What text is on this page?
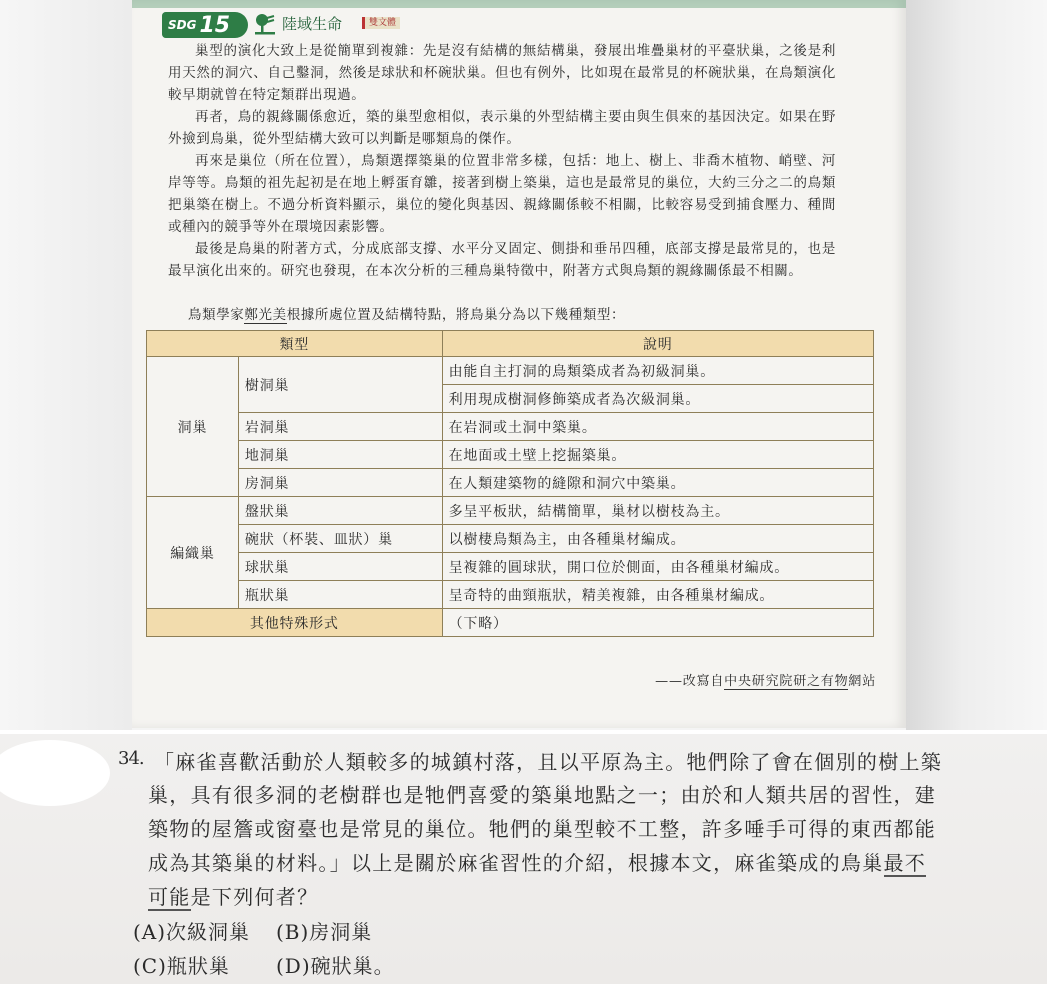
SDG 15	陸域生命	雙文體

巢型的演化大致上是從簡單到複雜：先是沒有結構的無結構巢，發展出堆疊巢材的平臺狀巢，之後是利用天然的洞穴、自己鑿洞，然後是球狀和杯碗狀巢。但也有例外，比如現在最常見的杯碗狀巢，在鳥類演化較早期就曾在特定類群出現過。

再者，鳥的親緣關係愈近，築的巢型愈相似，表示巢的外型結構主要由與生俱來的基因決定。如果在野外撿到鳥巢，從外型結構大致可以判斷是哪類鳥的傑作。

再來是巢位（所在位置），鳥類選擇築巢的位置非常多樣，包括：地上、樹上、非喬木植物、峭壁、河岸等等。鳥類的祖先起初是在地上孵蛋育雛，接著到樹上築巢，這也是最常見的巢位，大約三分之二的鳥類把巢築在樹上。不過分析資料顯示，巢位的變化與基因、親緣關係較不相關，比較容易受到捕食壓力、種間或種內的競爭等外在環境因素影響。

最後是鳥巢的附著方式，分成底部支撐、水平分叉固定、側掛和垂吊四種，底部支撐是最常見的，也是最早演化出來的。研究也發現，在本次分析的三種鳥巢特徵中，附著方式與鳥類的親緣關係最不相關。

鳥類學家鄭光美根據所處位置及結構特點，將鳥巢分為以下幾種類型：

類型		說明
洞巢	樹洞巢	由能自主打洞的鳥類築成者為初級洞巢。
		利用現成樹洞修飾築成者為次級洞巢。
	岩洞巢	在岩洞或土洞中築巢。
	地洞巢	在地面或土壁上挖掘築巢。
	房洞巢	在人類建築物的縫隙和洞穴中築巢。
編織巢	盤狀巢	多呈平板狀，結構簡單，巢材以樹枝為主。
	碗狀（杯裝、皿狀）巢	以樹棲鳥類為主，由各種巢材編成。
	球狀巢	呈複雜的圓球狀，開口位於側面，由各種巢材編成。
	瓶狀巢	呈奇特的曲頸瓶狀，精美複雜，由各種巢材編成。
其他特殊形式		（下略）
——改寫自中央研究院研之有物網站
34. 「麻雀喜歡活動於人類較多的城鎮村落，且以平原為主。牠們除了會在個別的樹上築

巢，具有很多洞的老樹群也是牠們喜愛的築巢地點之一；由於和人類共居的習性，建

築物的屋簷或窗臺也是常見的巢位。牠們的巢型較不工整，許多唾手可得的東西都能

成為其築巢的材料。」以上是關於麻雀習性的介紹，根據本文，麻雀築成的鳥巢最不

可能是下列何者？

(A)次級洞巢 (B)房洞巢
(C)瓶狀巢 (D)碗狀巢。
